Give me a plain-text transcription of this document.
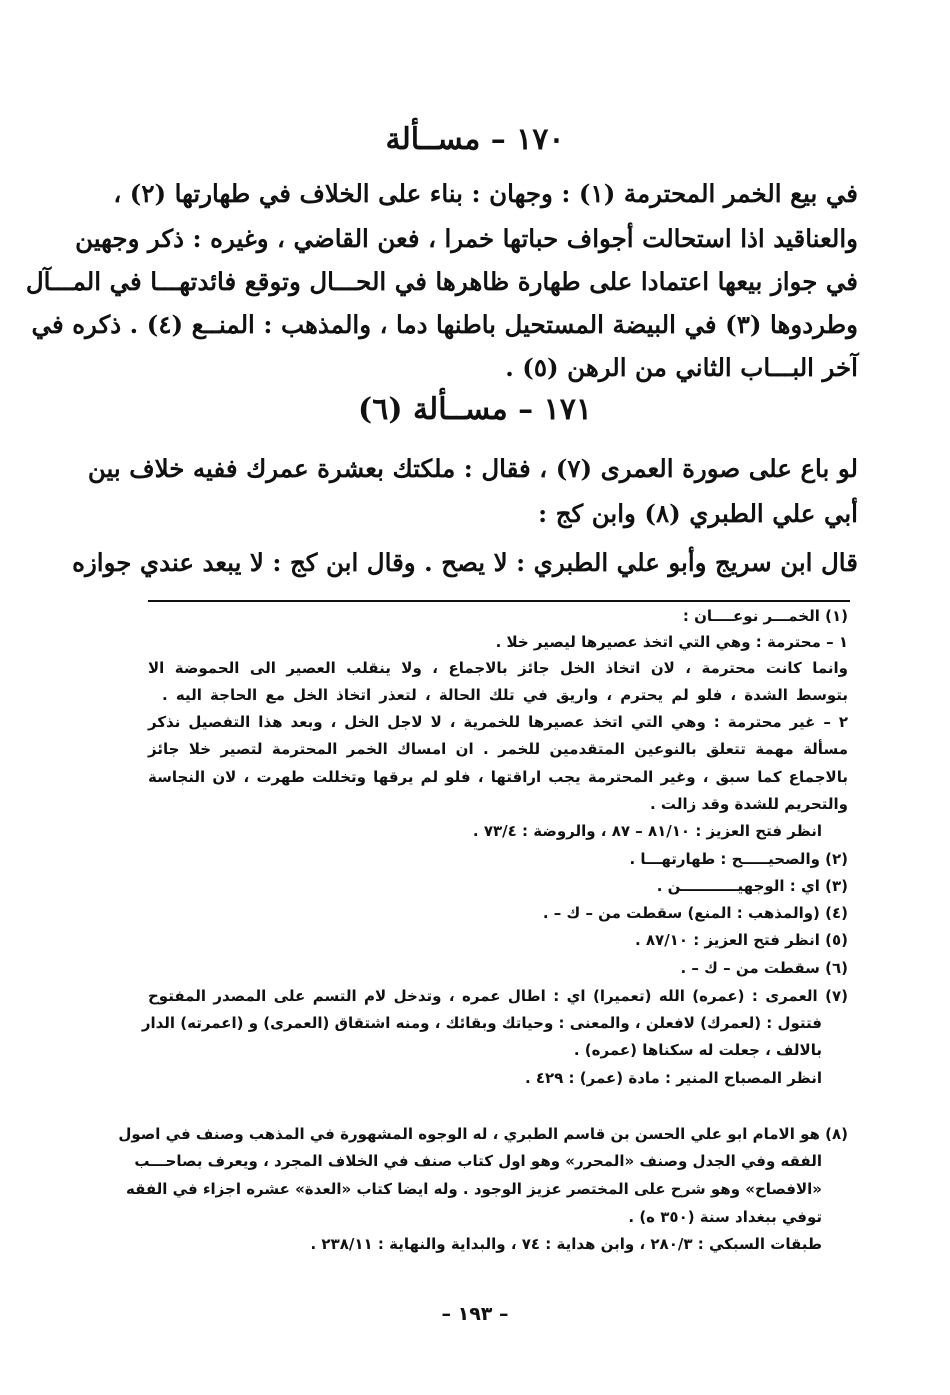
١٧٠ – مســألة
في بيع الخمر المحترمة (١) : وجهان : بناء على الخلاف في طهارتها (٢) ،
والعناقيد اذا استحالت أجواف حباتها خمرا ، فعن القاضي ، وغيره : ذكر وجهين
في جواز بيعها اعتمادا على طهارة ظاهرها في الحـــال وتوقع فائدتهـــا في المـــآل
وطردوها (٣) في البيضة المستحيل باطنها دما ، والمذهب : المنــع (٤) . ذكره في
آخر البـــاب الثاني من الرهن (٥) .
١٧١ – مســألة (٦)
لو باع على صورة العمرى (٧) ، فقال : ملكتك بعشرة عمرك ففيه خلاف بين
أبي علي الطبري (٨) وابن كج :
قال ابن سريج وأبو علي الطبري : لا يصح . وقال ابن كج : لا يبعد عندي جوازه
(١) الخمـــر نوعــــان :
١ – محترمة : وهي التي اتخذ عصيرها ليصير خلا .
وانما كانت محترمة ، لان اتخاذ الخل جائز بالاجماع ، ولا ينقلب العصير الى الحموضة الا
بتوسط الشدة ، فلو لم يحترم ، واريق في تلك الحالة ، لتعذر اتخاذ الخل مع الحاجة اليه .
٢ – غير محترمة : وهي التي اتخذ عصيرها للخمرية ، لا لاجل الخل ، وبعد هذا التفصيل نذكر
مسألة مهمة تتعلق بالنوعين المتقدمين للخمر . ان امساك الخمر المحترمة لتصير خلا جائز
بالاجماع كما سبق ، وغير المحترمة يجب اراقتها ، فلو لم يرقها وتخللت طهرت ، لان النجاسة
والتحريم للشدة وقد زالت .
انظر فتح العزيز : ٨١/١٠ – ٨٧ ، والروضة : ٧٣/٤ .
(٢) والصحيـــــح : طهارتهـــا .
(٣) اي : الوجهيـــــــــــن .
(٤) (والمذهب : المنع) سقطت من – ك – .
(٥) انظر فتح العزيز : ٨٧/١٠ .
(٦) سقطت من – ك – .
(٧) العمرى : (عمره) الله (تعميرا) اي : اطال عمره ، وتدخل لام التسم على المصدر المفتوح
فتتول : (لعمرك) لافعلن ، والمعنى : وحياتك وبقائك ، ومنه اشتقاق (العمرى) و (اعمرته) الدار
بالالف ، جعلت له سكناها (عمره) .
انظر المصباح المنير : مادة (عمر) : ٤٢٩ .
(٨) هو الامام ابو علي الحسن بن قاسم الطبري ، له الوجوه المشهورة في المذهب وصنف في اصول
الفقه وفي الجدل وصنف «المحرر» وهو اول كتاب صنف في الخلاف المجرد ، ويعرف بصاحـــب
«الافصاح» وهو شرح على المختصر عزيز الوجود . وله ايضا كتاب «العدة» عشره اجزاء في الفقه
توفي ببغداد سنة (٣٥٠ ه) .
طبقات السبكي : ٢٨٠/٣ ، وابن هداية : ٧٤ ، والبداية والنهاية : ٢٣٨/١١ .
– ١٩٣ –
